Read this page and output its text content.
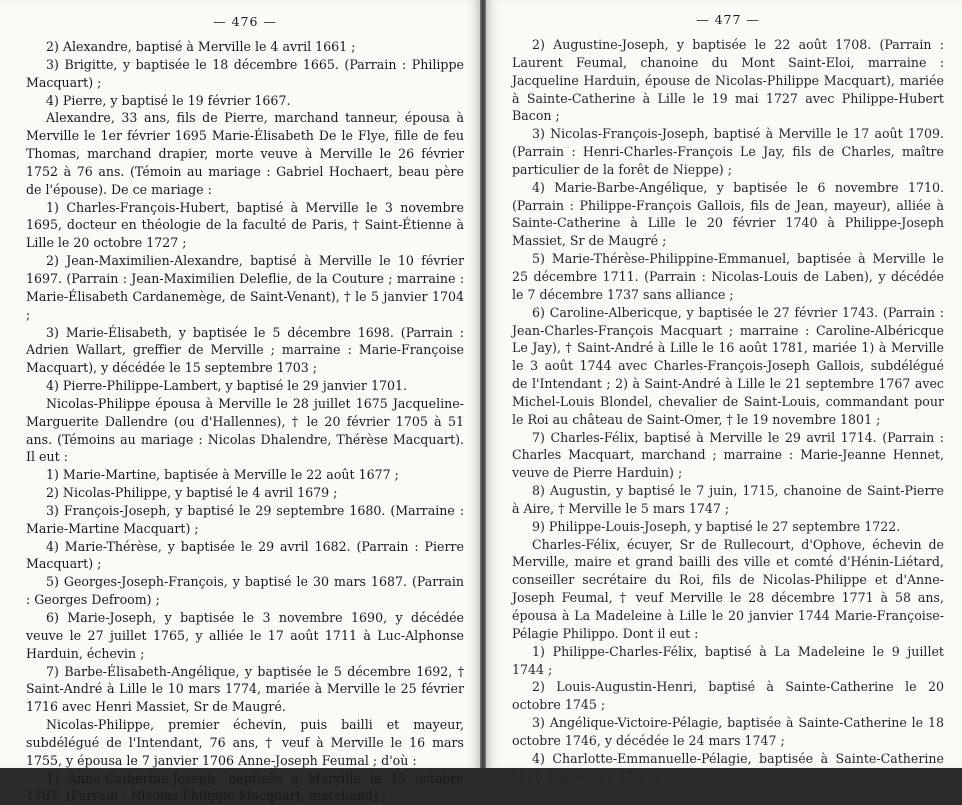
— 476 —

2) Alexandre, baptisé à Merville le 4 avril 1661 ;

3) Brigitte, y baptisée le 18 décembre 1665. (Parrain : Philippe Macquart) ;

4) Pierre, y baptisé le 19 février 1667.

Alexandre, 33 ans, fils de Pierre, marchand tanneur, épousa à Merville le 1er février 1695 Marie-Élisabeth De le Flye, fille de feu Thomas, marchand drapier, morte veuve à Merville le 26 février 1752 à 76 ans. (Témoin au mariage : Gabriel Hochaert, beau père de l'épouse). De ce mariage :

1) Charles-François-Hubert, baptisé à Merville le 3 novembre 1695, docteur en théologie de la faculté de Paris, † Saint-Étienne à Lille le 20 octobre 1727 ;

2) Jean-Maximilien-Alexandre, baptisé à Merville le 10 février 1697. (Parrain : Jean-Maximilien Deleflie, de la Couture ; marraine : Marie-Élisabeth Cardanemège, de Saint-Venant), † le 5 janvier 1704 ;

3) Marie-Élisabeth, y baptisée le 5 décembre 1698. (Parrain : Adrien Wallart, greffier de Merville ; marraine : Marie-Françoise Macquart), y décédée le 15 septembre 1703 ;

4) Pierre-Philippe-Lambert, y baptisé le 29 janvier 1701.

Nicolas-Philippe épousa à Merville le 28 juillet 1675 Jacqueline-Marguerite Dallendre (ou d'Hallennes), † le 20 février 1705 à 51 ans. (Témoins au mariage : Nicolas Dhalendre, Thérèse Macquart). Il eut :

1) Marie-Martine, baptisée à Merville le 22 août 1677 ;

2) Nicolas-Philippe, y baptisé le 4 avril 1679 ;

3) François-Joseph, y baptisé le 29 septembre 1680. (Marraine : Marie-Martine Macquart) ;

4) Marie-Thérèse, y baptisée le 29 avril 1682. (Parrain : Pierre Macquart) ;

5) Georges-Joseph-François, y baptisé le 30 mars 1687. (Parrain : Georges Defroom) ;

6) Marie-Joseph, y baptisée le 3 novembre 1690, y décédée veuve le 27 juillet 1765, y alliée le 17 août 1711 à Luc-Alphonse Harduin, échevin ;

7) Barbe-Élisabeth-Angélique, y baptisée le 5 décembre 1692, † Saint-André à Lille le 10 mars 1774, mariée à Merville le 25 février 1716 avec Henri Massiet, Sr de Maugré.

Nicolas-Philippe, premier échevin, puis bailli et mayeur, subdélégué de l'Intendant, 76 ans, † veuf à Merville le 16 mars 1755, y épousa le 7 janvier 1706 Anne-Joseph Feumal ; d'où :

1) Anne-Catherine-Joseph, baptisée à Merville le 15 octobre 1707. (Parrain : Nicolas-Philippe Macquart, marchand) ;

— 477 —

2) Augustine-Joseph, y baptisée le 22 août 1708. (Parrain : Laurent Feumal, chanoine du Mont Saint-Eloi, marraine : Jacqueline Harduin, épouse de Nicolas-Philippe Macquart), mariée à Sainte-Catherine à Lille le 19 mai 1727 avec Philippe-Hubert Bacon ;

3) Nicolas-François-Joseph, baptisé à Merville le 17 août 1709. (Parrain : Henri-Charles-François Le Jay, fils de Charles, maître particulier de la forêt de Nieppe) ;

4) Marie-Barbe-Angélique, y baptisée le 6 novembre 1710. (Parrain : Philippe-François Gallois, fils de Jean, mayeur), alliée à Sainte-Catherine à Lille le 20 février 1740 à Philippe-Joseph Massiet, Sr de Maugré ;

5) Marie-Thérèse-Philippine-Emmanuel, baptisée à Merville le 25 décembre 1711. (Parrain : Nicolas-Louis de Laben), y décédée le 7 décembre 1737 sans alliance ;

6) Caroline-Albericque, y baptisée le 27 février 1743. (Parrain : Jean-Charles-François Macquart ; marraine : Caroline-Albéricque Le Jay), † Saint-André à Lille le 16 août 1781, mariée 1) à Merville le 3 août 1744 avec Charles-François-Joseph Gallois, subdélégué de l'Intendant ; 2) à Saint-André à Lille le 21 septembre 1767 avec Michel-Louis Blondel, chevalier de Saint-Louis, commandant pour le Roi au château de Saint-Omer, † le 19 novembre 1801 ;

7) Charles-Félix, baptisé à Merville le 29 avril 1714. (Parrain : Charles Macquart, marchand ; marraine : Marie-Jeanne Hennet, veuve de Pierre Harduin) ;

8) Augustin, y baptisé le 7 juin, 1715, chanoine de Saint-Pierre à Aire, † Merville le 5 mars 1747 ;

9) Philippe-Louis-Joseph, y baptisé le 27 septembre 1722.

Charles-Félix, écuyer, Sr de Rullecourt, d'Ophove, échevin de Merville, maire et grand bailli des ville et comté d'Hénin-Liétard, conseiller secrétaire du Roi, fils de Nicolas-Philippe et d'Anne-Joseph Feumal, † veuf Merville le 28 décembre 1771 à 58 ans, épousa à La Madeleine à Lille le 20 janvier 1744 Marie-Françoise-Pélagie Philippo. Dont il eut :

1) Philippe-Charles-Félix, baptisé à La Madeleine le 9 juillet 1744 ;

2) Louis-Augustin-Henri, baptisé à Sainte-Catherine le 20 octobre 1745 ;

3) Angélique-Victoire-Pélagie, baptisée à Sainte-Catherine le 18 octobre 1746, y décédée le 24 mars 1747 ;

4) Charlotte-Emmanuelle-Pélagie, baptisée à Sainte-Catherine le 26 septembre 1748 ;
